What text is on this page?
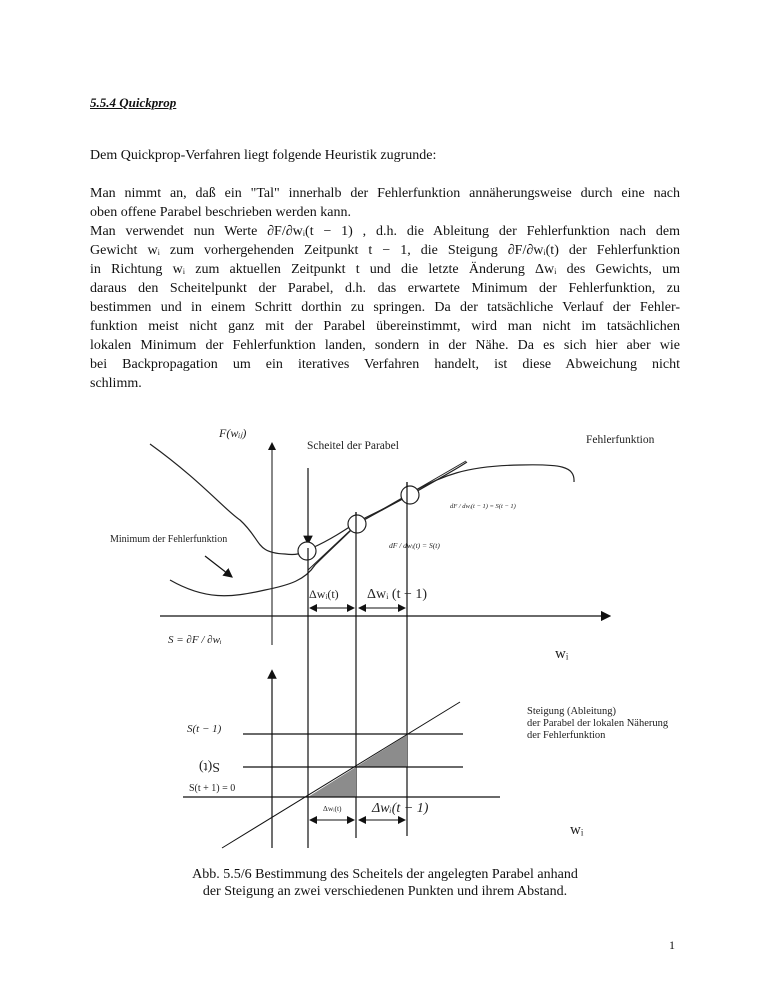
5.5.4 Quickprop
Dem Quickprop-Verfahren liegt folgende Heuristik zugrunde:
Man nimmt an, daß ein "Tal" innerhalb der Fehlerfunktion annäherungsweise durch eine nach
oben offene Parabel beschrieben werden kann.
Man verwendet nun Werte ∂F/∂wᵢ(t − 1) , d.h. die Ableitung der Fehlerfunktion nach dem
Gewicht wᵢ zum vorhergehenden Zeitpunkt t − 1, die Steigung ∂F/∂wᵢ(t) der Fehlerfunktion
in Richtung wᵢ zum aktuellen Zeitpunkt t und die letzte Änderung Δwᵢ des Gewichts, um
daraus den Scheitelpunkt der Parabel, d.h. das erwartete Minimum der Fehlerfunktion, zu
bestimmen und in einem Schritt dorthin zu springen. Da der tatsächliche Verlauf der Fehler-
funktion meist nicht ganz mit der Parabel übereinstimmt, wird man nicht im tatsächlichen
lokalen Minimum der Fehlerfunktion landen, sondern in der Nähe. Da es sich hier aber wie
bei Backpropagation um ein iteratives Verfahren handelt, ist diese Abweichung nicht
schlimm.
F(wᵢⱼ)
wᵢ
Scheitel der Parabel	Fehlerfunktion
dF / dwᵢ(t − 1) = S(t − 1)
dF / dwᵢ(t) = S(t)
Minimum der Fehlerfunktion
Δwᵢ(t) Δwᵢ (t − 1)
S = ∂F / ∂wᵢ
S(t − 1)
S(t)
S(t + 1) = 0
Δwᵢ(t) Δwᵢ(t − 1)
wᵢ
Steigung (Ableitung)
der Parabel der lokalen Näherung
der Fehlerfunktion
Abb. 5.5/6 Bestimmung des Scheitels der angelegten Parabel anhand
der Steigung an zwei verschiedenen Punkten und ihrem Abstand.
1
